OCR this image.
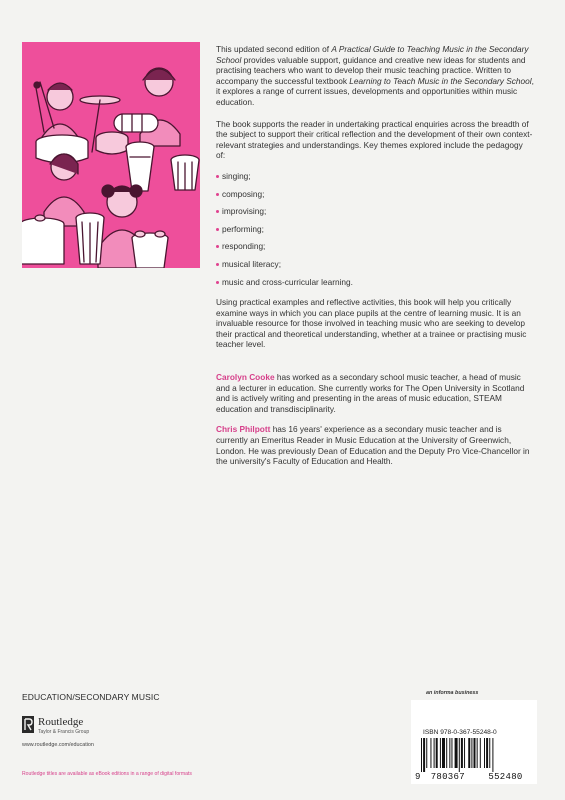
This updated second edition of A Practical Guide to Teaching Music in the Secondary School provides valuable support, guidance and creative new ideas for students and practising teachers who want to develop their music teaching practice. Written to accompany the successful textbook Learning to Teach Music in the Secondary School, it explores a range of current issues, developments and opportunities within music education.

The book supports the reader in undertaking practical enquiries across the breadth of the subject to support their critical reflection and the development of their own context-relevant strategies and understandings. Key themes explored include the pedagogy of:

singing;
composing;
improvising;
performing;
responding;
musical literacy;
music and cross-curricular learning.

Using practical examples and reflective activities, this book will help you critically examine ways in which you can place pupils at the centre of learning music. It is an invaluable resource for those involved in teaching music who are seeking to develop their practical and theoretical understanding, whether at a trainee or practising music teacher level.

Carolyn Cooke has worked as a secondary school music teacher, a head of music and a lecturer in education. She currently works for The Open University in Scotland and is actively writing and presenting in the areas of music education, STEAM education and transdisciplinarity.

Chris Philpott has 16 years' experience as a secondary music teacher and is currently an Emeritus Reader in Music Education at the University of Greenwich, London. He was previously Dean of Education and the Deputy Pro Vice-Chancellor in the university's Faculty of Education and Health.

EDUCATION/SECONDARY MUSIC
Routledge
Taylor & Francis Group
www.routledge.com/education
Routledge titles are available as eBook editions in a range of digital formats
an informa business
ISBN 978-0-367-55248-0
9 780367	552480
